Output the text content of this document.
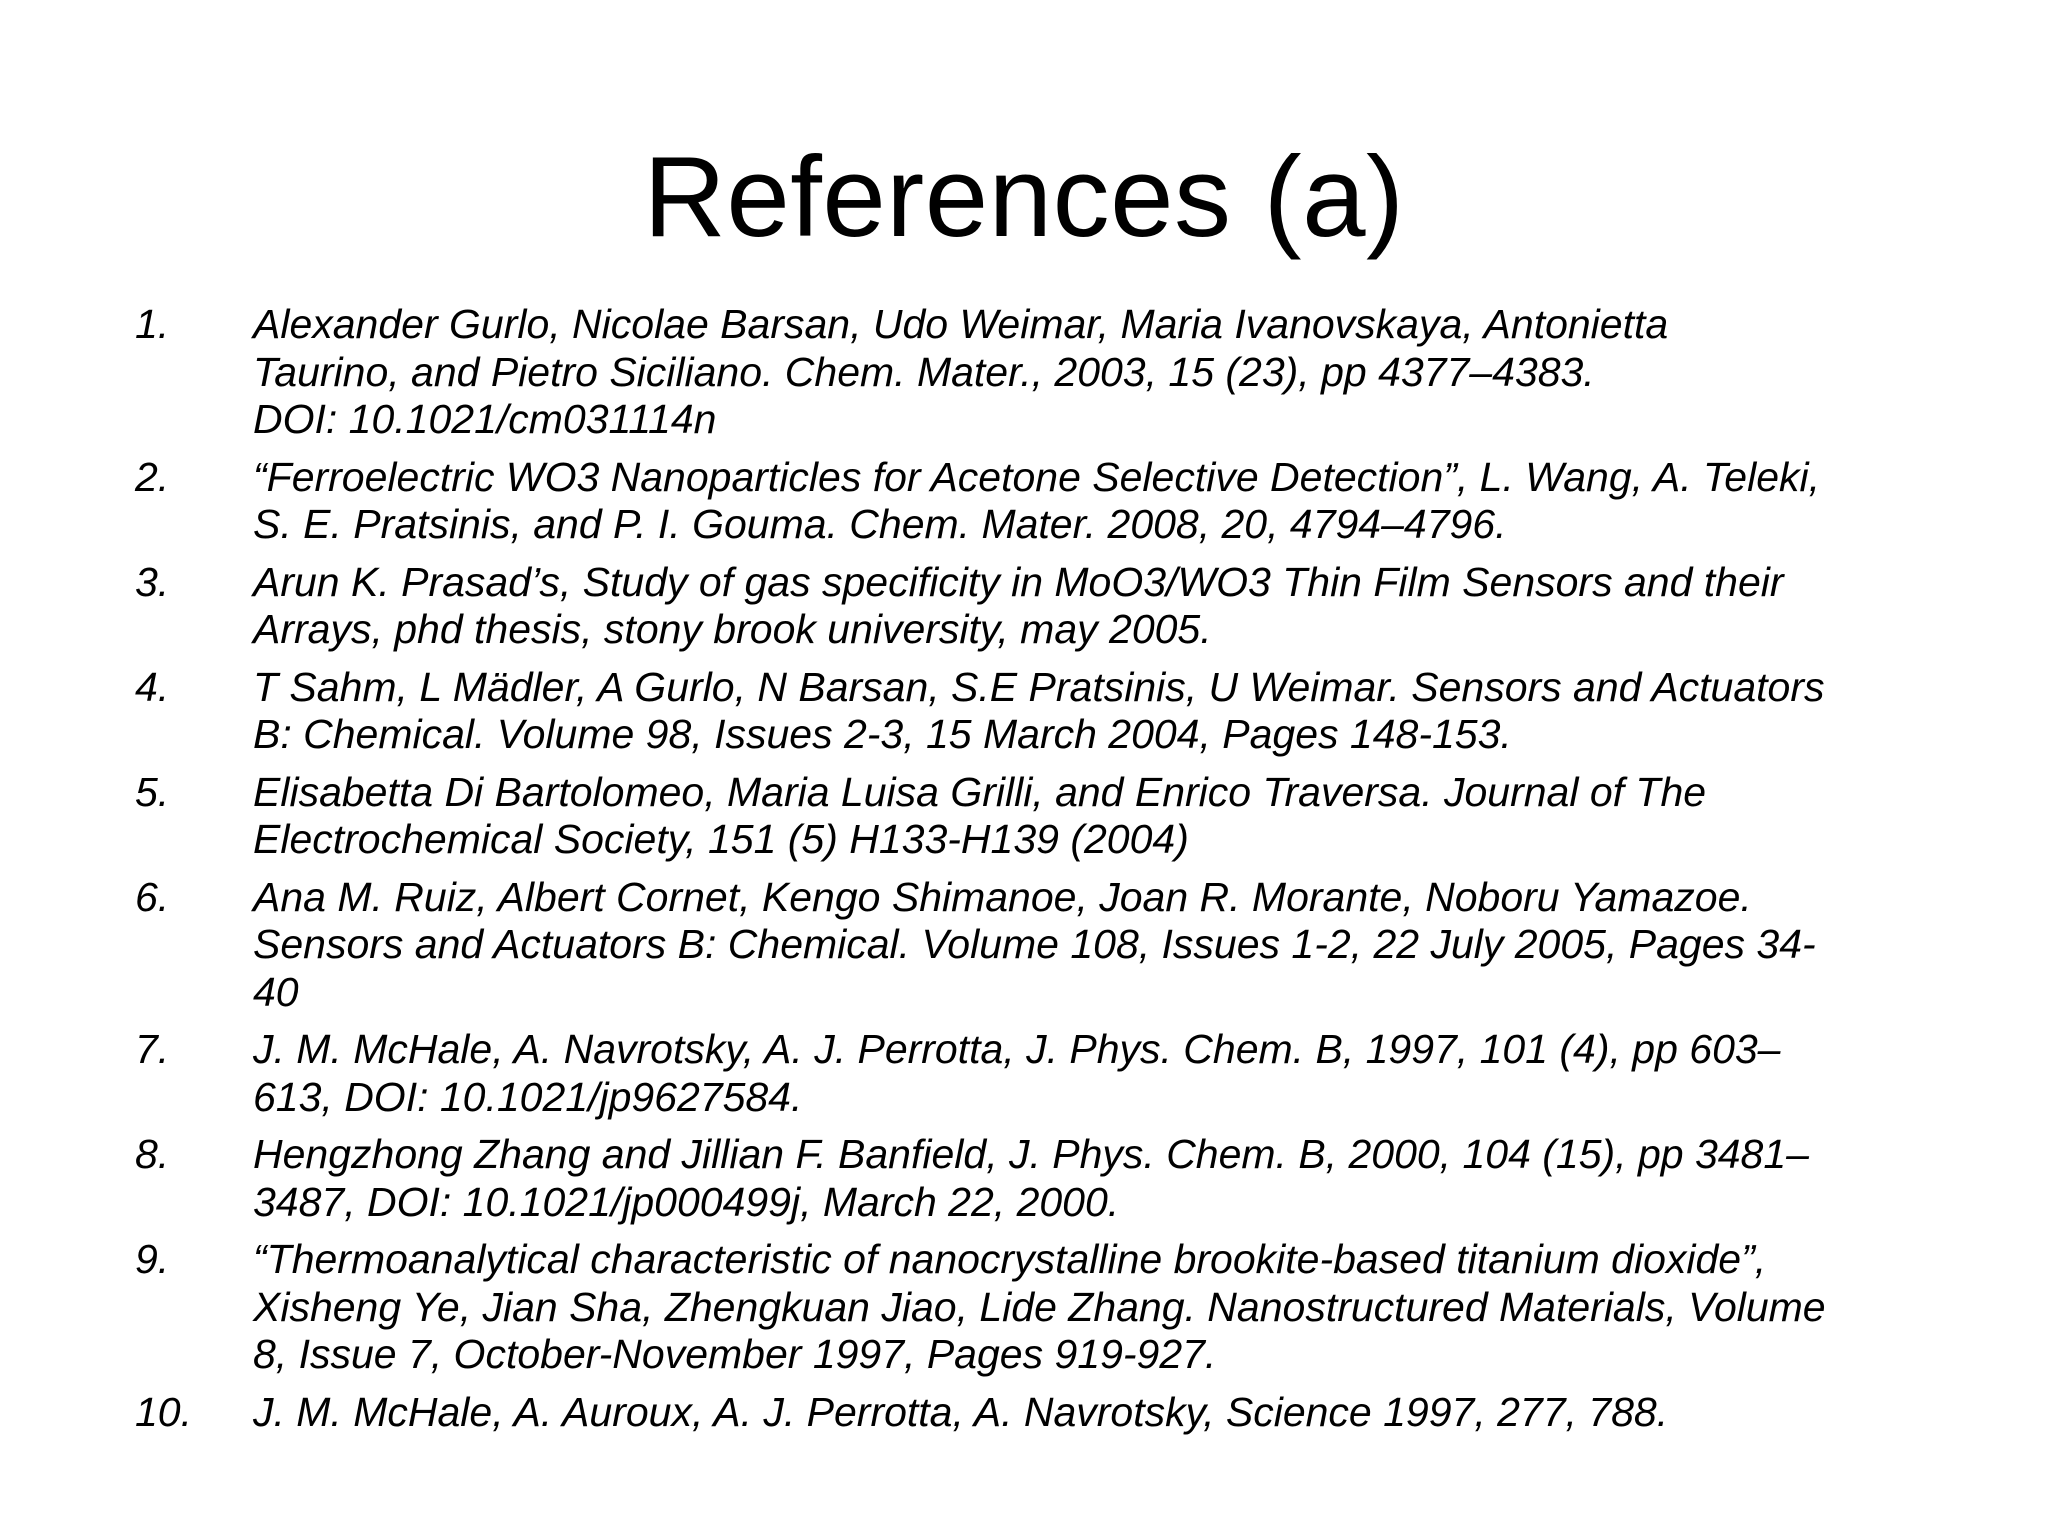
References (a)
1.	Alexander Gurlo, Nicolae Barsan, Udo Weimar, Maria Ivanovskaya, Antonietta
Taurino, and Pietro Siciliano. Chem. Mater., 2003, 15 (23), pp 4377–4383.
DOI: 10.1021/cm031114n
2.	“Ferroelectric WO3 Nanoparticles for Acetone Selective Detection”, L. Wang, A. Teleki,
S. E. Pratsinis, and P. I. Gouma. Chem. Mater. 2008, 20, 4794–4796.
3.	Arun K. Prasad’s, Study of gas specificity in MoO3/WO3 Thin Film Sensors and their
Arrays, phd thesis, stony brook university, may 2005.
4.	T Sahm, L Mädler, A Gurlo, N Barsan, S.E Pratsinis, U Weimar. Sensors and Actuators
B: Chemical. Volume 98, Issues 2-3, 15 March 2004, Pages 148-153.
5.	Elisabetta Di Bartolomeo, Maria Luisa Grilli, and Enrico Traversa. Journal of The
Electrochemical Society, 151 (5) H133-H139 (2004)
6.	Ana M. Ruiz, Albert Cornet, Kengo Shimanoe, Joan R. Morante, Noboru Yamazoe.
Sensors and Actuators B: Chemical. Volume 108, Issues 1-2, 22 July 2005, Pages 34-
40
7.	J. M. McHale, A. Navrotsky, A. J. Perrotta, J. Phys. Chem. B, 1997, 101 (4), pp 603–
613, DOI: 10.1021/jp9627584.
8.	Hengzhong Zhang and Jillian F. Banfield, J. Phys. Chem. B, 2000, 104 (15), pp 3481–
3487, DOI: 10.1021/jp000499j, March 22, 2000.
9.	“Thermoanalytical characteristic of nanocrystalline brookite-based titanium dioxide”,
Xisheng Ye, Jian Sha, Zhengkuan Jiao, Lide Zhang. Nanostructured Materials, Volume
8, Issue 7, October-November 1997, Pages 919-927.
10.	J. M. McHale, A. Auroux, A. J. Perrotta, A. Navrotsky, Science 1997, 277, 788.
